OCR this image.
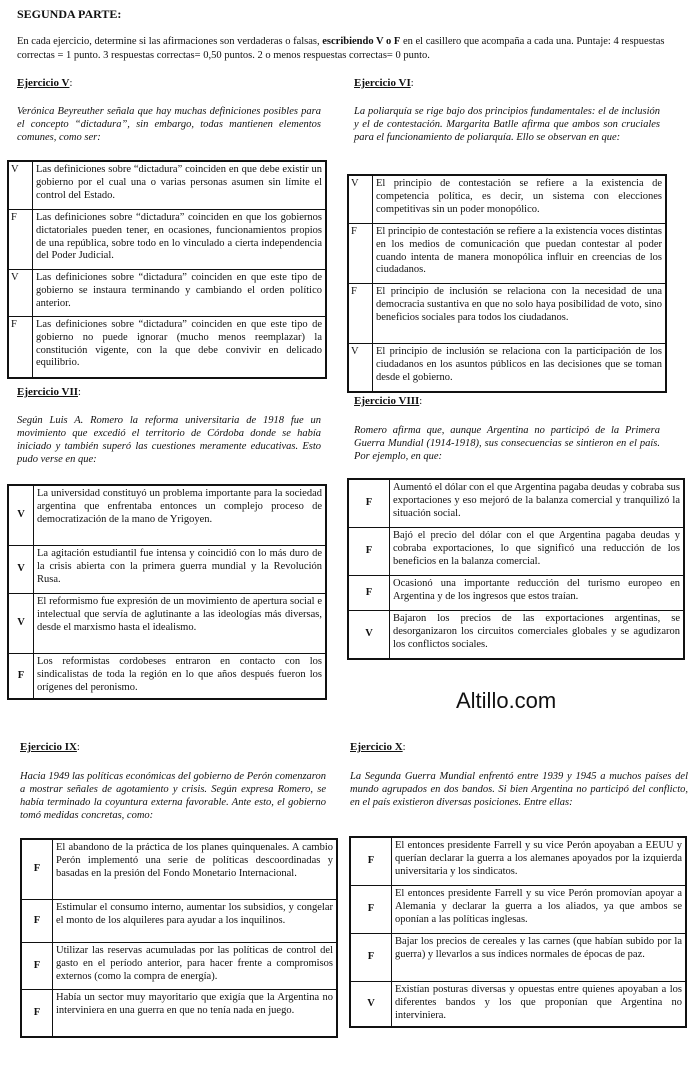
SEGUNDA PARTE:
En cada ejercicio, determine si las afirmaciones son verdaderas o falsas, escribiendo V o F en el casillero que acompaña a cada una. Puntaje: 4 respuestas correctas = 1 punto. 3 respuestas correctas= 0,50 puntos. 2 o menos respuestas correctas= 0 punto.
Ejercicio V:
Verónica Beyreuther señala que hay muchas definiciones posibles para el concepto “dictadura”, sin embargo, todas mantienen elementos comunes, como ser:
V	Las definiciones sobre “dictadura” coinciden en que debe existir un gobierno por el cual una o varias personas asumen sin límite el control del Estado.
F	Las definiciones sobre “dictadura” coinciden en que los gobiernos dictatoriales pueden tener, en ocasiones, funcionamientos propios de una república, sobre todo en lo vinculado a cierta independencia del Poder Judicial.
V	Las definiciones sobre “dictadura” coinciden en que este tipo de gobierno se instaura terminando y cambiando el orden político anterior.
F	Las definiciones sobre “dictadura” coinciden en que este tipo de gobierno no puede ignorar (mucho menos reemplazar) la constitución vigente, con la que debe convivir en delicado equilibrio.
Ejercicio VI:
La poliarquía se rige bajo dos principios fundamentales: el de inclusión y el de contestación. Margarita Batlle afirma que ambos son cruciales para el funcionamiento de poliarquía. Ello se observan en que:
V	El principio de contestación se refiere a la existencia de competencia política, es decir, un sistema con elecciones competitivas sin un poder monopólico.
F	El principio de contestación se refiere a la existencia voces distintas en los medios de comunicación que puedan contestar al poder cuando intenta de manera monopólica influir en creencias de los ciudadanos.
F	El principio de inclusión se relaciona con la necesidad de una democracia sustantiva en que no solo haya posibilidad de voto, sino beneficios sociales para todos los ciudadanos.
V	El principio de inclusión se relaciona con la participación de los ciudadanos en los asuntos públicos en las decisiones que se toman desde el gobierno.
Ejercicio VII:
Según Luis A. Romero la reforma universitaria de 1918 fue un movimiento que excedió el territorio de Córdoba donde se había iniciado y también superó las cuestiones meramente educativas. Esto pudo verse en que:
V	La universidad constituyó un problema importante para la sociedad argentina que enfrentaba entonces un complejo proceso de democratización de la mano de Yrigoyen.
V	La agitación estudiantil fue intensa y coincidió con lo más duro de la crisis abierta con la primera guerra mundial y la Revolución Rusa.
V	El reformismo fue expresión de un movimiento de apertura social e intelectual que servía de aglutinante a las ideologías más diversas, desde el marxismo hasta el idealismo.
F	Los reformistas cordobeses entraron en contacto con los sindicalistas de toda la región en lo que años después fueron los orígenes del peronismo.
Ejercicio VIII:
Romero afirma que, aunque Argentina no participó de la Primera Guerra Mundial (1914-1918), sus consecuencias se sintieron en el país. Por ejemplo, en que:
F	Aumentó el dólar con el que Argentina pagaba deudas y cobraba sus exportaciones y eso mejoró de la balanza comercial y tranquilizó la situación social.
F	Bajó el precio del dólar con el que Argentina pagaba deudas y cobraba exportaciones, lo que significó una reducción de los beneficios en la balanza comercial.
F	Ocasionó una importante reducción del turismo europeo en Argentina y de los ingresos que estos traían.
V	Bajaron los precios de las exportaciones argentinas, se desorganizaron los circuitos comerciales globales y se agudizaron los conflictos sociales.
Altillo.com
Ejercicio IX:
Hacia 1949 las políticas económicas del gobierno de Perón comenzaron a mostrar señales de agotamiento y crisis. Según expresa Romero, se había terminado la coyuntura externa favorable. Ante esto, el gobierno tomó medidas concretas, como:
F	El abandono de la práctica de los planes quinquenales. A cambio Perón implementó una serie de políticas descoordinadas y basadas en la presión del Fondo Monetario Internacional.
F	Estimular el consumo interno, aumentar los subsidios, y congelar el monto de los alquileres para ayudar a los inquilinos.
F	Utilizar las reservas acumuladas por las políticas de control del gasto en el período anterior, para hacer frente a compromisos externos (como la compra de energía).
F	Había un sector muy mayoritario que exigía que la Argentina no interviniera en una guerra en que no tenía nada en juego.
Ejercicio X:
La Segunda Guerra Mundial enfrentó entre 1939 y 1945 a muchos países del mundo agrupados en dos bandos. Si bien Argentina no participó del conflicto, en el país existieron diversas posiciones. Entre ellas:
F	El entonces presidente Farrell y su vice Perón apoyaban a EEUU y querían declarar la guerra a los alemanes apoyados por la izquierda universitaria y los sindicatos.
F	El entonces presidente Farrell y su vice Perón promovían apoyar a Alemania y declarar la guerra a los aliados, ya que ambos se oponían a las políticas inglesas.
F	Bajar los precios de cereales y las carnes (que habían subido por la guerra) y llevarlos a sus índices normales de épocas de paz.
V	Existían posturas diversas y opuestas entre quienes apoyaban a los diferentes bandos y los que proponían que Argentina no interviniera.
